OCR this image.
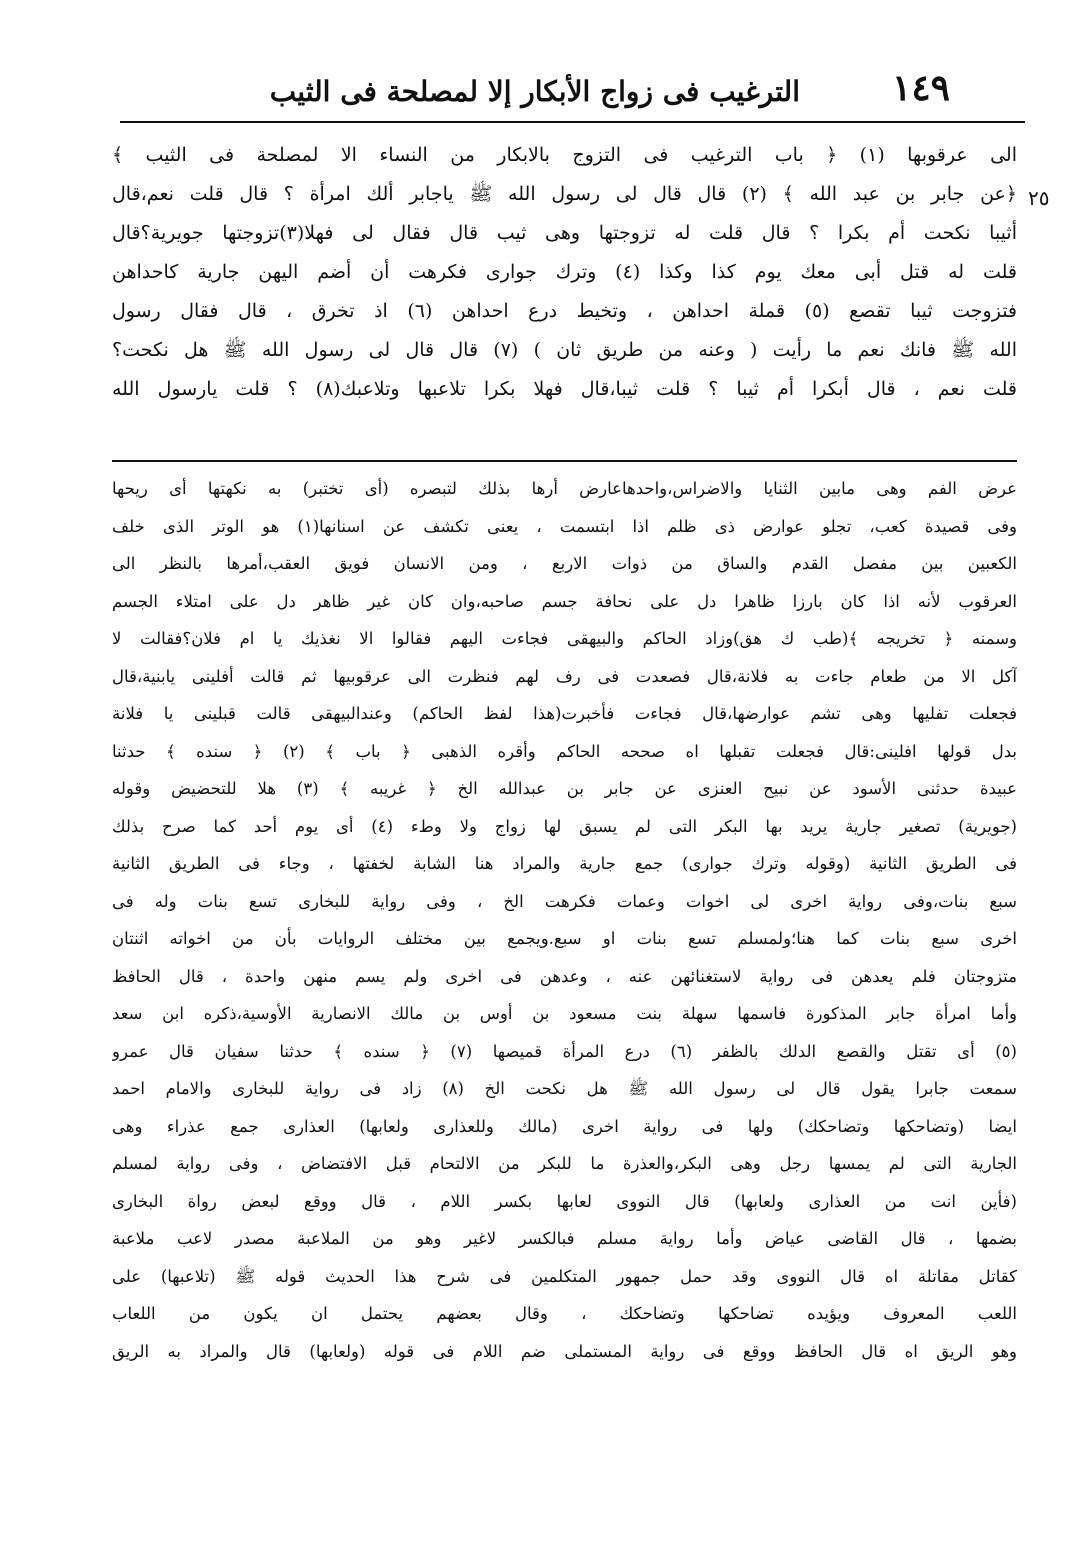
١٤٩
الترغيب فى زواج الأبكار إلا لمصلحة فى الثيب
٢٥
الى عرقوبها (١) ﴿ باب الترغيب فى التزوج بالابكار من النساء الا لمصلحة فى الثيب ﴾
﴿عن جابر بن عبد الله ﴾ (٢) قال قال لى رسول الله ﷺ ياجابر ألك امرأة ؟ قال قلت نعم،قال
أثيبا نكحت أم بكرا ؟ قال قلت له تزوجتها وهى ثيب قال فقال لى فهلا(٣)تزوجتها جويرية؟قال
قلت له قتل أبى معك يوم كذا وكذا (٤) وترك جوارى فكرهت أن أضم اليهن جارية كاحداهن
فتزوجت ثيبا تقصع (٥) قملة احداهن ، وتخيط درع احداهن (٦) اذ تخرق ، قال فقال رسول
الله ﷺ فانك نعم ما رأيت ( وعنه من طريق ثان ) (٧) قال قال لى رسول الله ﷺ هل نكحت؟
قلت نعم ، قال أبكرا أم ثيبا ؟ قلت ثيبا،قال فهلا بكرا تلاعبها وتلاعبك(٨) ؟ قلت يارسول الله
عرض الفم وهى مابين الثنايا والاضراس،واحدهاعارض أرها بذلك لتبصره (أى تختبر) به نكهتها أى ريحها
وفى قصيدة كعب، تجلو عوارض ذى ظلم اذا ابتسمت ، يعنى تكشف عن اسنانها(١) هو الوتر الذى خلف
الكعبين بين مفصل القدم والساق من ذوات الاربع ، ومن الانسان فويق العقب،أمرها بالنظر الى
العرقوب لأنه اذا كان بارزا ظاهرا دل على نحافة جسم صاحبه،وان كان غير ظاهر دل على امتلاء الجسم
وسمنه ﴿ تخريجه ﴾(طب ك هق)وزاد الحاكم والبيهقى فجاءت اليهم فقالوا الا نغذيك يا ام فلان؟فقالت لا
آكل الا من طعام جاءت به فلانة،قال فصعدت فى رف لهم فنظرت الى عرقوبيها ثم قالت أفلينى يابنية،قال
فجعلت تفليها وهى تشم عوارضها،قال فجاءت فأخبرت(هذا لفظ الحاكم) وعندالبيهقى قالت قبلينى يا فلانة
بدل قولها افلينى:قال فجعلت تقبلها اه صححه الحاكم وأقره الذهبى ﴿ باب ﴾ (٢) ﴿ سنده ﴾ حدثنا
عبيدة حدثنى الأسود عن نبيح العنزى عن جابر بن عبدالله الخ ﴿ غريبه ﴾ (٣) هلا للتحضيض وقوله
(جويرية) تصغير جارية يريد بها البكر التى لم يسبق لها زواج ولا وطء (٤) أى يوم أحد كما صرح بذلك
فى الطريق الثانية (وقوله وترك جوارى) جمع جارية والمراد هنا الشابة لخفتها ، وجاء فى الطريق الثانية
سبع بنات،وفى رواية اخرى لى اخوات وعمات فكرهت الخ ، وفى رواية للبخارى تسع بنات وله فى
اخرى سبع بنات كما هنا؛ولمسلم تسع بنات او سبع.ويجمع بين مختلف الروايات بأن من اخواته اثنتان
متزوجتان فلم يعدهن فى رواية لاستغنائهن عنه ، وعدهن فى اخرى ولم يسم منهن واحدة ، قال الحافظ
وأما امرأة جابر المذكورة فاسمها سهلة بنت مسعود بن أوس بن مالك الانصارية الأوسية،ذكره ابن سعد
(٥) أى تقتل والقصع الدلك بالظفر (٦) درع المرأة قميصها (٧) ﴿ سنده ﴾ حدثنا سفيان قال عمرو
سمعت جابرا يقول قال لى رسول الله ﷺ هل نكحت الخ (٨) زاد فى رواية للبخارى والامام احمد
ايضا (وتضاحكها وتضاحكك) ولها فى رواية اخرى (مالك وللعذارى ولعابها) العذارى جمع عذراء وهى
الجارية التى لم يمسها رجل وهى البكر،والعذرة ما للبكر من الالتحام قبل الافتضاض ، وفى رواية لمسلم
(فأين انت من العذارى ولعابها) قال النووى لعابها بكسر اللام ، قال ووقع لبعض رواة البخارى
بضمها ، قال القاضى عياض وأما رواية مسلم فبالكسر لاغير وهو من الملاعبة مصدر لاعب ملاعبة
كقاتل مقاتلة اه قال النووى وقد حمل جمهور المتكلمين فى شرح هذا الحديث قوله ﷺ (تلاعبها) على
اللعب المعروف ويؤيده تضاحكها وتضاحكك ، وقال بعضهم يحتمل ان يكون من اللعاب
وهو الريق اه قال الحافظ ووقع فى رواية المستملى ضم اللام فى قوله (ولعابها) قال والمراد به الريق
